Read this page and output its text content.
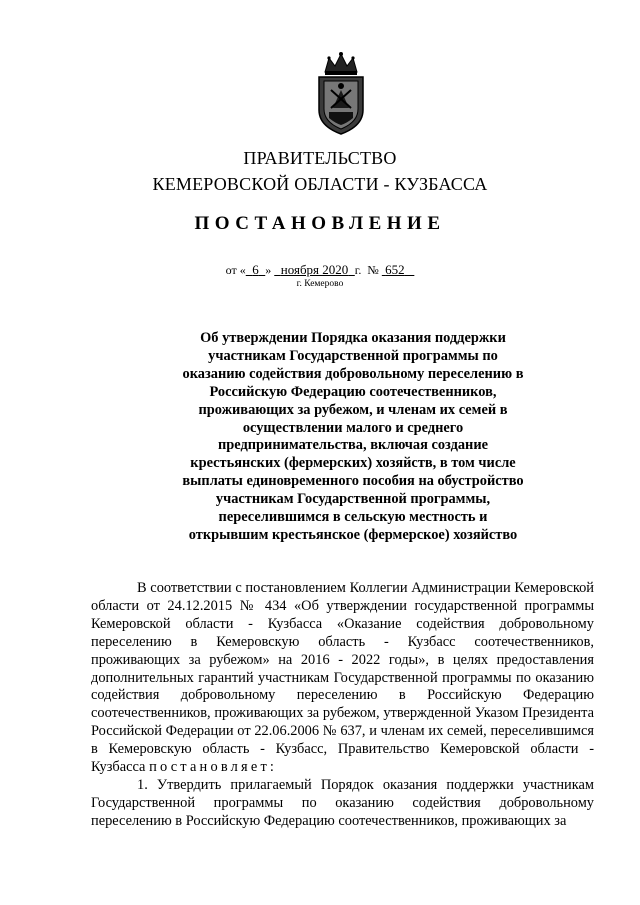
ПРАВИТЕЛЬСТВО
КЕМЕРОВСКОЙ ОБЛАСТИ - КУЗБАССА
ПОСТАНОВЛЕНИЕ
от « 6 » ноября 2020 г. № 652
г. Кемерово
Об утверждении Порядка оказания поддержки участникам Государственной программы по оказанию содействия добровольному переселению в Российскую Федерацию соотечественников, проживающих за рубежом, и членам их семей в осуществлении малого и среднего предпринимательства, включая создание крестьянских (фермерских) хозяйств, в том числе выплаты единовременного пособия на обустройство участникам Государственной программы, переселившимся в сельскую местность и открывшим крестьянское (фермерское) хозяйство

В соответствии с постановлением Коллегии Администрации Кемеровской области от 24.12.2015 № 434 «Об утверждении государственной программы Кемеровской области - Кузбасса «Оказание содействия добровольному переселению в Кемеровскую область - Кузбасс соотечественников, проживающих за рубежом» на 2016 - 2022 годы», в целях предоставления дополнительных гарантий участникам Государственной программы по оказанию содействия добровольному переселению в Российскую Федерацию соотечественников, проживающих за рубежом, утвержденной Указом Президента Российской Федерации от 22.06.2006 № 637, и членам их семей, переселившимся в Кемеровскую область - Кузбасс, Правительство Кемеровской области - Кузбасса постановляет:

1. Утвердить прилагаемый Порядок оказания поддержки участникам Государственной программы по оказанию содействия добровольному переселению в Российскую Федерацию соотечественников, проживающих за
